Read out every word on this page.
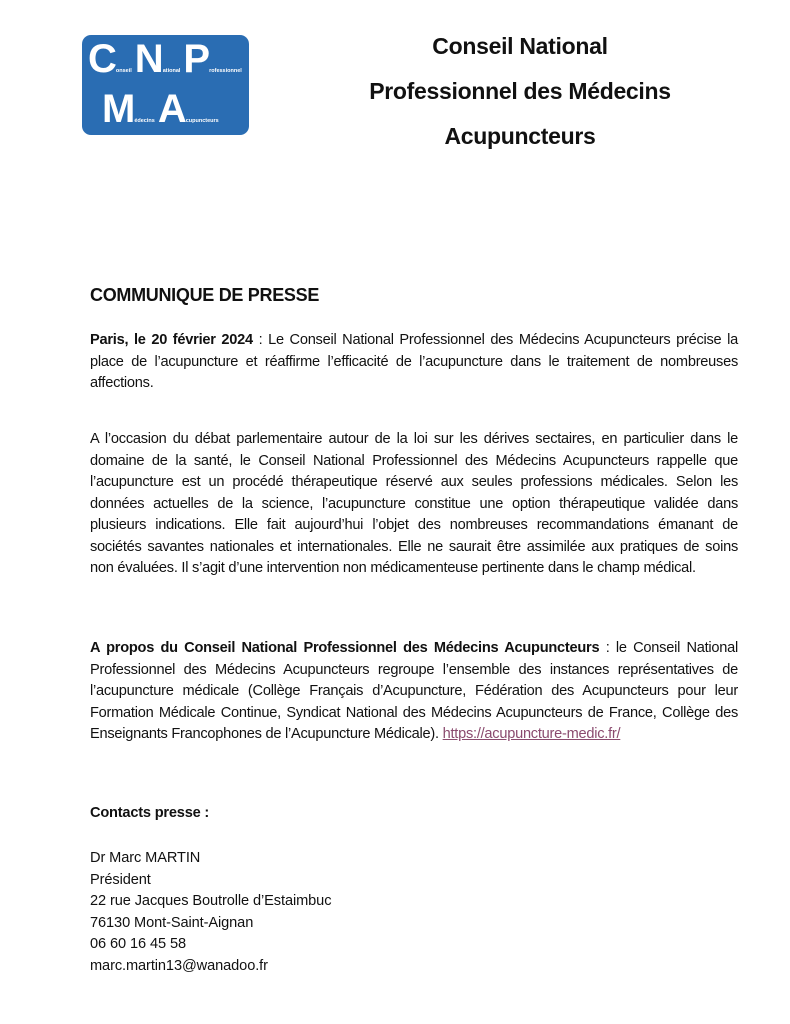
ConseilNationalProfessionnel
MédecinsAcupuncteurs
Conseil National
Professionnel des Médecins
Acupuncteurs
COMMUNIQUE DE PRESSE
Paris, le 20 février 2024 : Le Conseil National Professionnel des Médecins Acupuncteurs précise la place de l’acupuncture et réaffirme l’efficacité de l’acupuncture dans le traitement de nombreuses affections.
A l’occasion du débat parlementaire autour de la loi sur les dérives sectaires, en particulier dans le domaine de la santé, le Conseil National Professionnel des Médecins Acupuncteurs rappelle que l’acupuncture est un procédé thérapeutique réservé aux seules professions médicales. Selon les données actuelles de la science, l’acupuncture constitue une option thérapeutique validée dans plusieurs indications. Elle fait aujourd’hui l’objet des nombreuses recommandations émanant de sociétés savantes nationales et internationales. Elle ne saurait être assimilée aux pratiques de soins non évaluées. Il s’agit d’une intervention non médicamenteuse pertinente dans le champ médical.
A propos du Conseil National Professionnel des Médecins Acupuncteurs : le Conseil National Professionnel des Médecins Acupuncteurs regroupe l’ensemble des instances représentatives de l’acupuncture médicale (Collège Français d’Acupuncture, Fédération des Acupuncteurs pour leur Formation Médicale Continue, Syndicat National des Médecins Acupuncteurs de France, Collège des Enseignants Francophones de l’Acupuncture Médicale). https://acupuncture-medic.fr/
Contacts presse :
Dr Marc MARTIN
Président
22 rue Jacques Boutrolle d’Estaimbuc
76130 Mont-Saint-Aignan
06 60 16 45 58
marc.martin13@wanadoo.fr
